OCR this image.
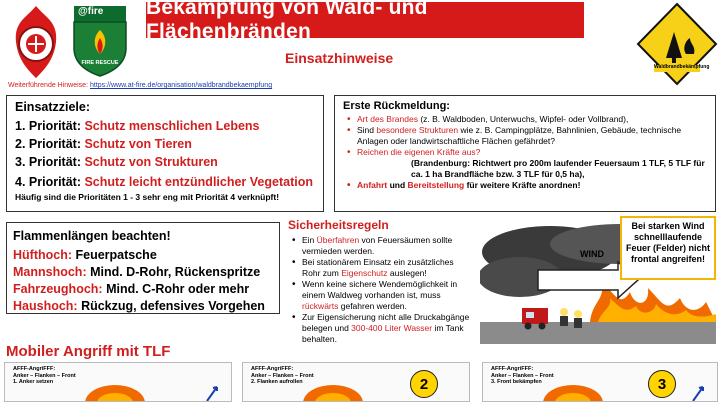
@fire
FIRE RESCUE
Waldbrandbekämpfung
Bekämpfung von Wald- und Flächenbränden
Einsatzhinweise
Weiterführende Hinweise: https://www.at-fire.de/organisation/waldbrandbekaempfung
Einsatzziele:
1. Priorität: Schutz menschlichen Lebens
2. Priorität: Schutz von Tieren
3. Priorität: Schutz von Strukturen
4. Priorität: Schutz leicht entzündlicher Vegetation
Häufig sind die Prioritäten 1 - 3 sehr eng mit Priorität 4 verknüpft!
Erste Rückmeldung:
• Art des Brandes (z. B. Waldboden, Unterwuchs, Wipfel- oder Vollbrand),
• Sind besondere Strukturen wie z. B. Campingplätze, Bahnlinien, Gebäude, technische Anlagen oder landwirtschaftliche Flächen gefährdet?
• Reichen die eigenen Kräfte aus?
(Brandenburg: Richtwert pro 200m laufender Feuersaum 1 TLF, 5 TLF für ca. 1 ha Brandfläche bzw. 3 TLF für 0,5 ha),
• Anfahrt und Bereitstellung für weitere Kräfte anordnen!
Flammenlängen beachten!
Hüfthoch: Feuerpatsche
Mannshoch: Mind. D-Rohr, Rückenspritze
Fahrzeughoch: Mind. C-Rohr oder mehr
Haushoch: Rückzug, defensives Vorgehen
Sicherheitsregeln
• Ein Überfahren von Feuersäumen sollte vermieden werden.
• Bei stationärem Einsatz ein zusätzliches Rohr zum Eigenschutz auslegen!
• Wenn keine sichere Wendemöglichkeit in einem Waldweg vorhanden ist, muss rückwärts gefahren werden.
• Zur Eigensicherung nicht alle Druckabgänge belegen und 300-400 Liter Wasser im Tank behalten.
WIND
Bei starken Wind schnelllaufende Feuer (Felder) nicht frontal angreifen!
Mobiler Angriff mit TLF
AFFF-AngriFFF:
Anker – Flanken – Front
1. Anker setzen
AFFF-AngriFFF:
Anker – Flanken – Front
2. Flanken aufrollen	2
AFFF-AngriFFF:
Anker – Flanken – Front
3. Front bekämpfen	3
